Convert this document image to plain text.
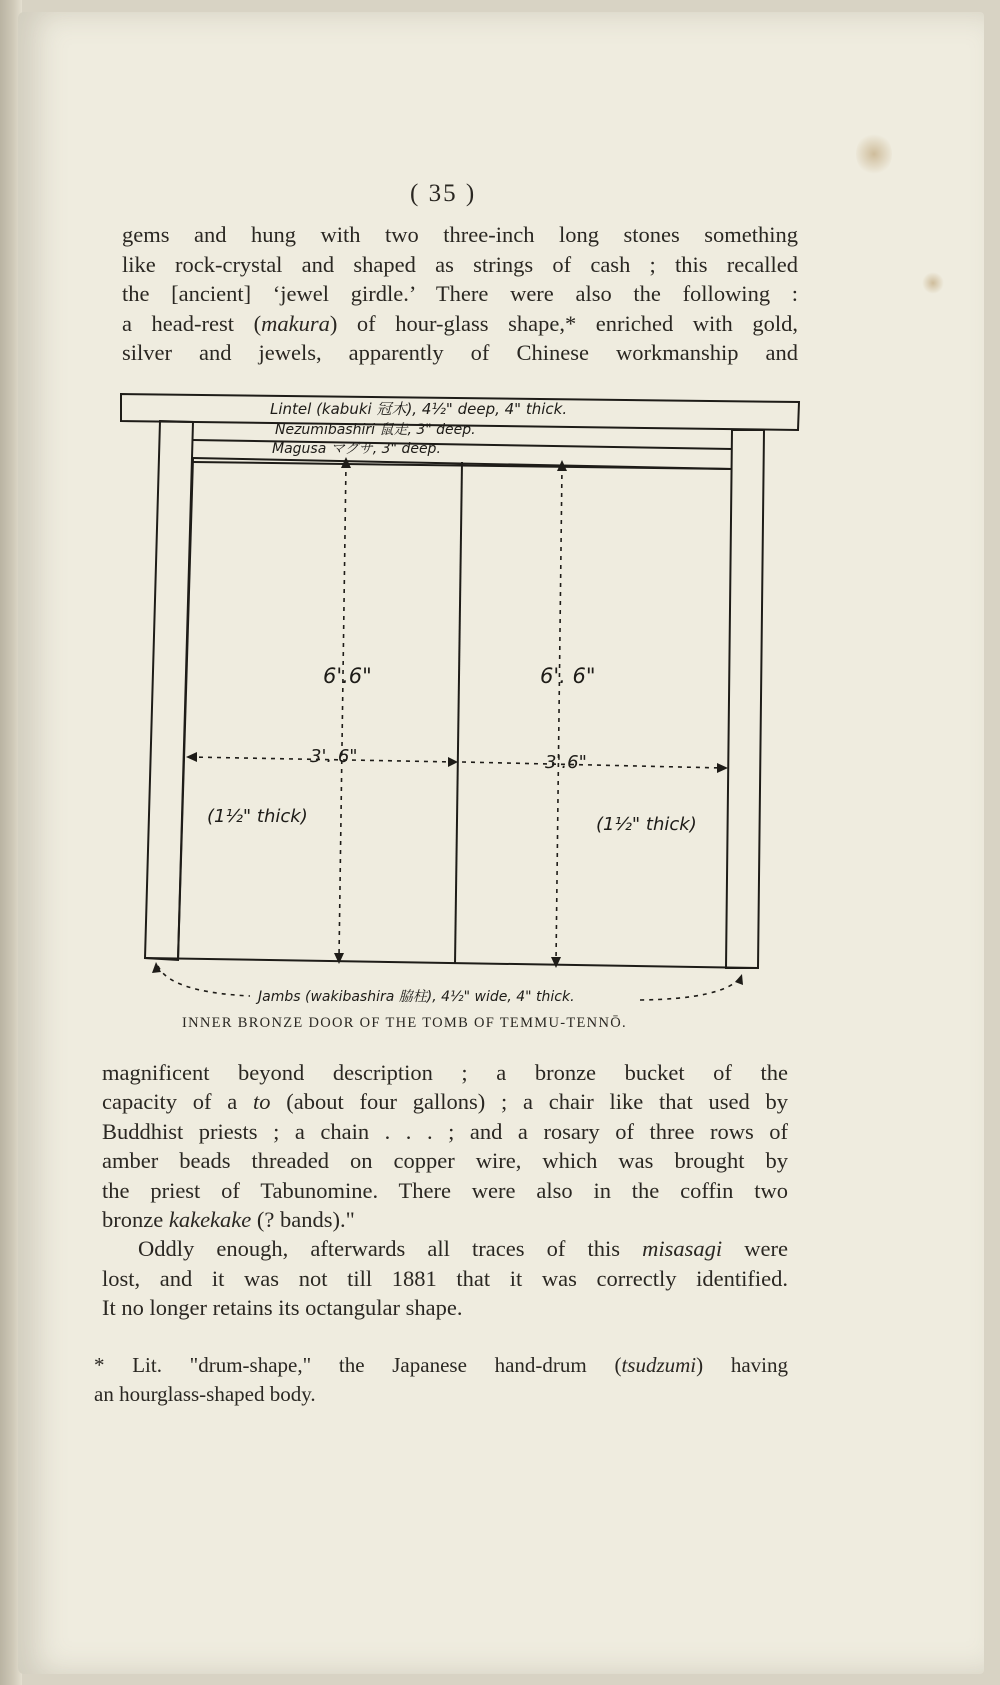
( 35 )
gems and hung with two three-inch long stones something
like rock-crystal and shaped as strings of cash ; this recalled
the [ancient] ‘jewel girdle.’ There were also the following :
a head-rest (makura) of hour-glass shape,* enriched with gold,
silver and jewels, apparently of Chinese workmanship and
Lintel (kabuki 冠木), 4½" deep, 4" thick.
Nezumibashiri 鼠走, 3" deep.
Magusa マグサ, 3" deep.
6'.6"	6'. 6"
3'. 6"	3'.6"
(1½" thick)	(1½" thick)
Jambs (wakibashira 脇柱), 4½" wide, 4" thick.
INNER BRONZE DOOR OF THE TOMB OF TEMMU-TENNŌ.
magnificent beyond description ; a bronze bucket of the
capacity of a to (about four gallons) ; a chair like that used by
Buddhist priests ; a chain . . . ; and a rosary of three rows of
amber beads threaded on copper wire, which was brought by
the priest of Tabunomine. There were also in the coffin two
bronze kakekake (? bands)."
Oddly enough, afterwards all traces of this misasagi were
lost, and it was not till 1881 that it was correctly identified.
It no longer retains its octangular shape.
* Lit. "drum-shape," the Japanese hand-drum (tsudzumi) having
an hourglass-shaped body.
